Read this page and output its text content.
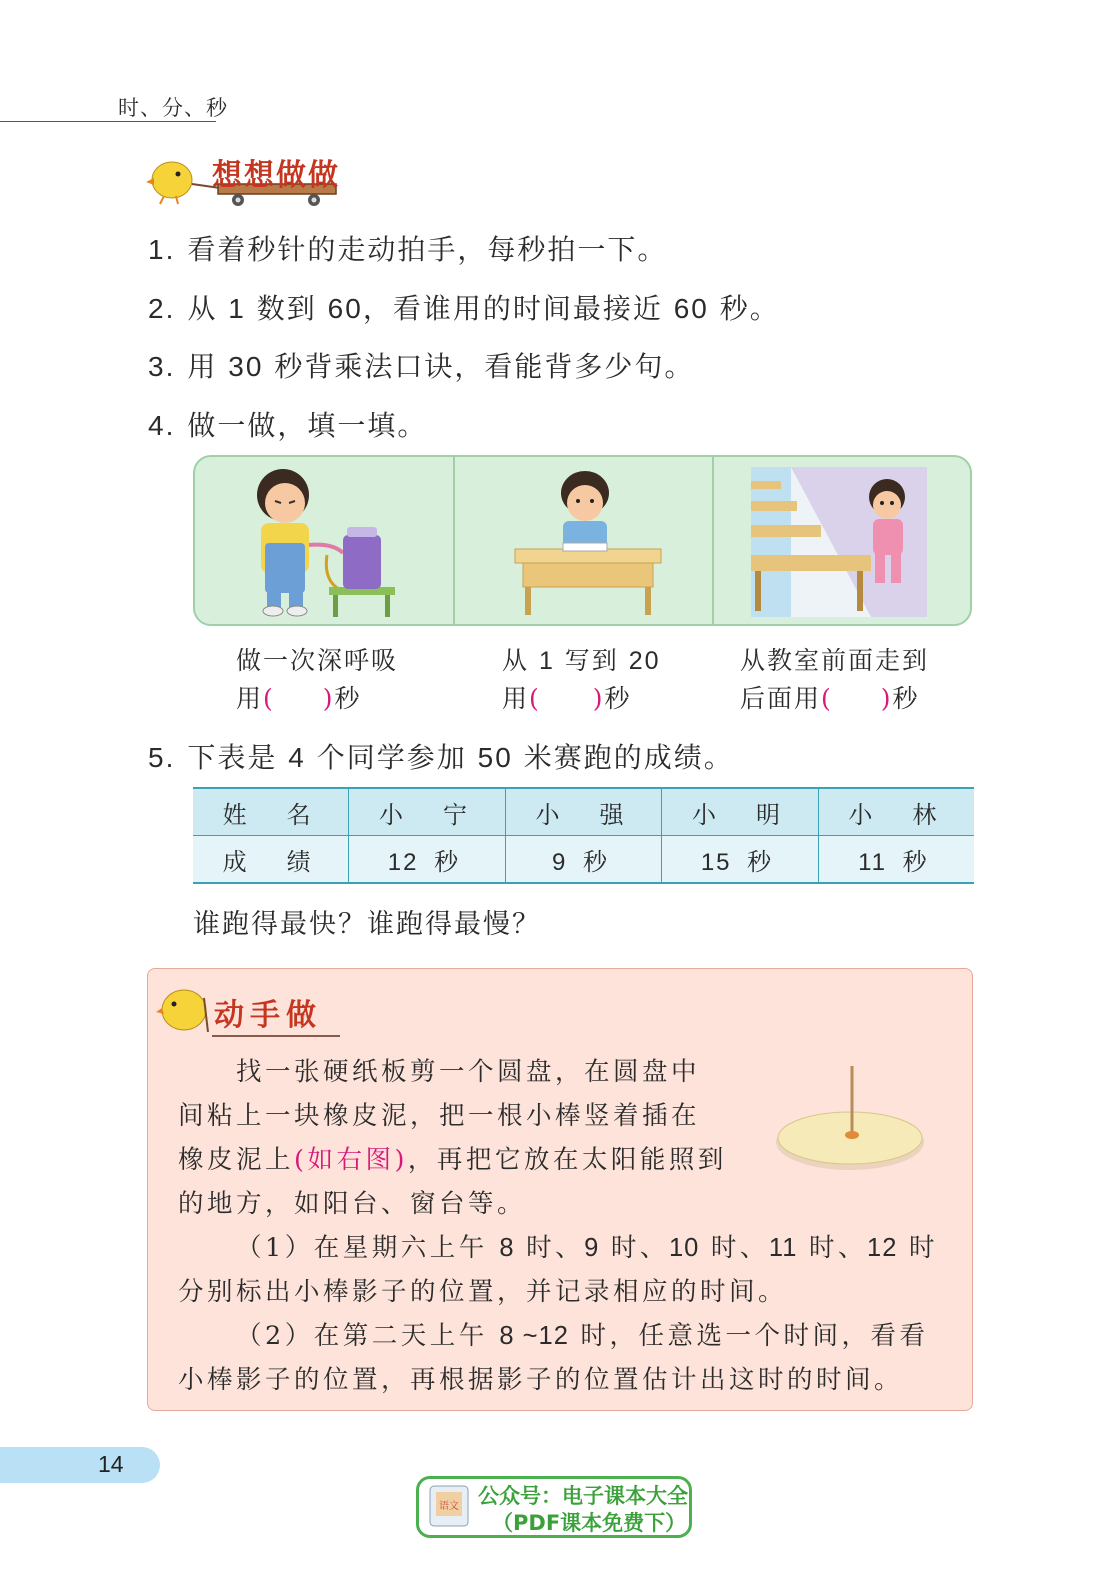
时、分、秒
想想做做
1. 看着秒针的走动拍手，每秒拍一下。
2. 从 1 数到 60，看谁用的时间最接近 60 秒。
3. 用 30 秒背乘法口诀，看能背多少句。
4. 做一做，填一填。
做一次深呼吸
用( )秒
从 1 写到 20
用( )秒
从教室前面走到
后面用( )秒
5. 下表是 4 个同学参加 50 米赛跑的成绩。
姓　名	小　宁	小　强	小　明	小　林
成　绩	12 秒	9 秒	15 秒	11 秒
谁跑得最快？谁跑得最慢？
动手做
找一张硬纸板剪一个圆盘，在圆盘中
间粘上一块橡皮泥，把一根小棒竖着插在
橡皮泥上(如右图)，再把它放在太阳能照到
的地方，如阳台、窗台等。
（1）在星期六上午 8 时、9 时、10 时、11 时、12 时
分别标出小棒影子的位置，并记录相应的时间。
（2）在第二天上午 8 ~12 时，任意选一个时间，看看
小棒影子的位置，再根据影子的位置估计出这时的时间。
14
语文 公众号：电子课本大全
（PDF课本免费下）
